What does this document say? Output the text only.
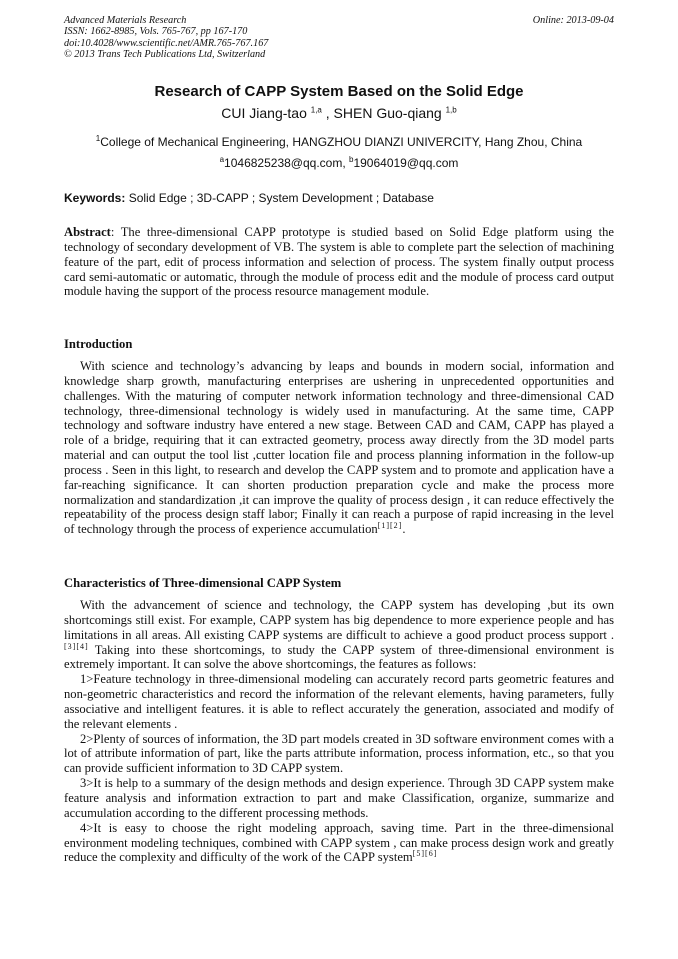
Advanced Materials Research
ISSN: 1662-8985, Vols. 765-767, pp 167-170
doi:10.4028/www.scientific.net/AMR.765-767.167
© 2013 Trans Tech Publications Ltd, Switzerland
Online: 2013-09-04
Research of CAPP System Based on the Solid Edge
CUI Jiang-tao $^{1,a}$ , SHEN Guo-qiang $^{1,b}$
$^1$College of Mechanical Engineering, HANGZHOU DIANZI UNIVERCITY, Hang Zhou, China
$^a$1046825238@qq.com, $^b$19064019@qq.com
Keywords: Solid Edge ; 3D-CAPP ; System Development ; Database

Abstract: The three-dimensional CAPP prototype is studied based on Solid Edge platform using the technology of secondary development of VB. The system is able to complete part the selection of machining feature of the part, edit of process information and selection of process. The system finally output process card semi-automatic or automatic, through the module of process edit and the module of process card output module having the support of the process resource management module.

Introduction

With science and technology’s advancing by leaps and bounds in modern social, information and knowledge sharp growth, manufacturing enterprises are ushering in unprecedented opportunities and challenges. With the maturing of computer network information technology and three-dimensional CAD technology, three-dimensional technology is widely used in manufacturing. At the same time, CAPP technology and software industry have entered a new stage. Between CAD and CAM, CAPP has played a role of a bridge, requiring that it can extracted geometry, process away directly from the 3D model parts material and can output the tool list ,cutter location file and process planning information in the follow-up process . Seen in this light, to research and develop the CAPP system and to promote and application have a far-reaching significance. It can shorten production preparation cycle and make the process more normalization and standardization ,it can improve the quality of process design , it can reduce effectively the repeatability of the process design staff labor; Finally it can reach a purpose of rapid increasing in the level of technology through the process of experience accumulation[1][2].

Characteristics of Three-dimensional CAPP System

With the advancement of science and technology, the CAPP system has developing ,but its own shortcomings still exist. For example, CAPP system has big dependence to more experience people and has limitations in all areas. All existing CAPP systems are difficult to achieve a good product process support . [3][4] Taking into these shortcomings, to study the CAPP system of three-dimensional environment is extremely important. It can solve the above shortcomings, the features as follows:

1>Feature technology in three-dimensional modeling can accurately record parts geometric features and non-geometric characteristics and record the information of the relevant elements, having parameters, fully associative and intelligent features. it is able to reflect accurately the generation, associated and modify of the relevant elements .

2>Plenty of sources of information, the 3D part models created in 3D software environment comes with a lot of attribute information of part, like the parts attribute information, process information, etc., so that you can provide sufficient information to 3D CAPP system.

3>It is help to a summary of the design methods and design experience. Through 3D CAPP system make feature analysis and information extraction to part and make Classification, organize, summarize and accumulation according to the different processing methods.

4>It is easy to choose the right modeling approach, saving time. Part in the three-dimensional environment modeling techniques, combined with CAPP system , can make process design work and greatly reduce the complexity and difficulty of the work of the CAPP system[5][6]
